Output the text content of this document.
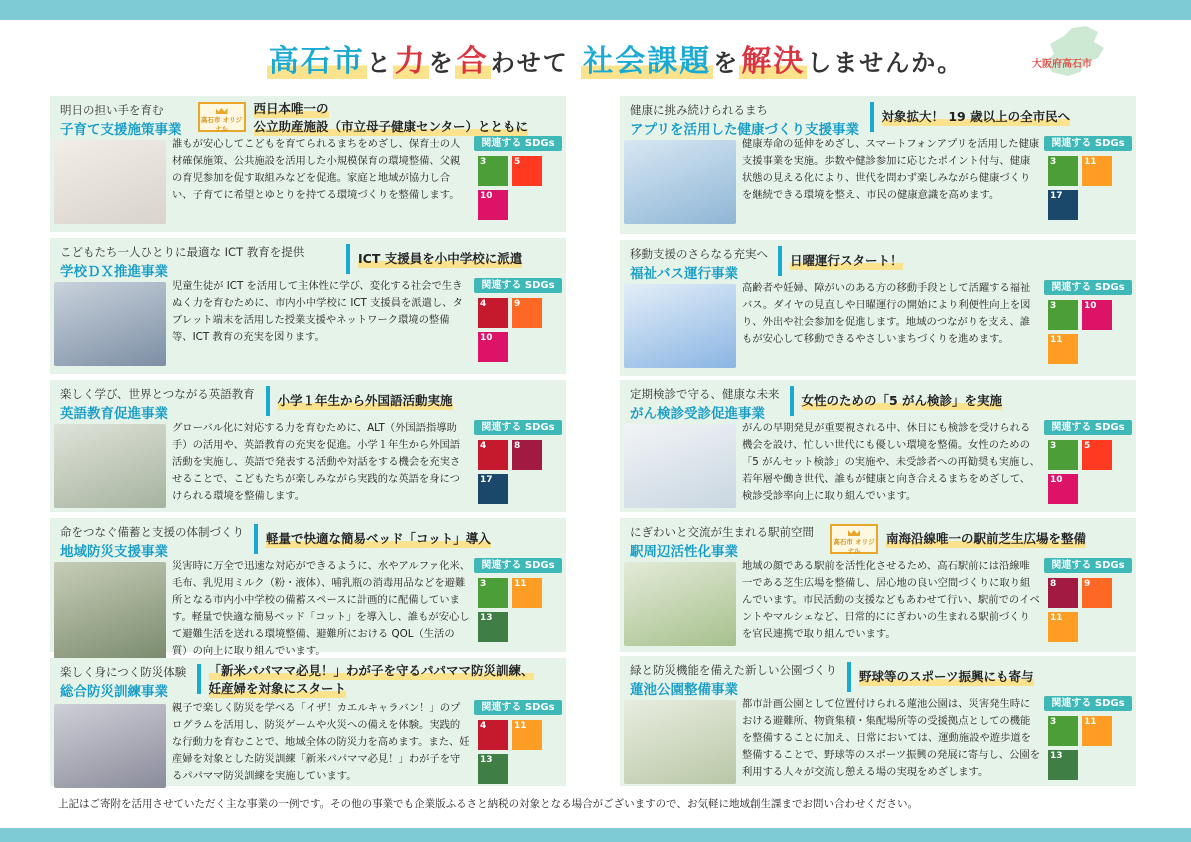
高石市と力を合わせて 社会課題を解決しませんか。	大阪府高石市
明日の担い手を育む
子育て支援施策事業
高石市 オリジナル
西日本唯一の
公立助産施設（市立母子健康センター）とともに
誰もが安心してこどもを育てられるまちをめざし、保育士の人材確保施策、公共施設を活用した小規模保育の環境整備、父親の育児参加を促す取組みなどを促進。家庭と地域が協力し合い、子育てに希望とゆとりを持てる環境づくりを整備します。
関連する SDGs
3	5
10
こどもたち一人ひとりに最適な ICT 教育を提供
学校ＤＸ推進事業
ICT 支援員を小中学校に派遣
児童生徒が ICT を活用して主体性に学び、変化する社会で生きぬく力を育むために、市内小中学校に ICT 支援員を派遣し、タブレット端末を活用した授業支援やネットワーク環境の整備等、ICT 教育の充実を図ります。
関連する SDGs
4	9
10
楽しく学び、世界とつながる英語教育
英語教育促進事業
小学１年生から外国語活動実施
グローバル化に対応する力を育むために、ALT（外国語指導助手）の活用や、英語教育の充実を促進。小学１年生から外国語活動を実施し、英語で発表する活動や対話をする機会を充実させることで、こどもたちが楽しみながら実践的な英語を身につけられる環境を整備します。
関連する SDGs
4	8
17
命をつなぐ備蓄と支援の体制づくり
地域防災支援事業
軽量で快適な簡易ベッド「コット」導入
災害時に万全で迅速な対応ができるように、水やアルファ化米、毛布、乳児用ミルク（粉・液体）、哺乳瓶の消毒用品などを避難所となる市内小中学校の備蓄スペースに計画的に配備しています。軽量で快適な簡易ベッド「コット」を導入し、誰もが安心して避難生活を送れる環境整備、避難所における QOL（生活の質）の向上に取り組んでいます。
関連する SDGs
3	11
13
楽しく身につく防災体験
総合防災訓練事業
「新米パパママ必見！」わが子を守るパパママ防災訓練、
妊産婦を対象にスタート
親子で楽しく防災を学べる「イザ！カエルキャラバン！」のプログラムを活用し、防災ゲームや火災への備えを体験。実践的な行動力を育むことで、地域全体の防災力を高めます。また、妊産婦を対象とした防災訓練「新米パパママ必見！」わが子を守るパパママ防災訓練を実施しています。
関連する SDGs
4	11
13
健康に挑み続けられるまち
アプリを活用した健康づくり支援事業
対象拡大！ 19 歳以上の全市民へ
健康寿命の延伸をめざし、スマートフォンアプリを活用した健康支援事業を実施。歩数や健診参加に応じたポイント付与、健康状態の見える化により、世代を問わず楽しみながら健康づくりを継続できる環境を整え、市民の健康意識を高めます。
関連する SDGs
3	11
17
移動支援のさらなる充実へ
福祉バス運行事業
日曜運行スタート！
高齢者や妊婦、障がいのある方の移動手段として活躍する福祉バス。ダイヤの見直しや日曜運行の開始により利便性向上を図り、外出や社会参加を促進します。地域のつながりを支え、誰もが安心して移動できるやさしいまちづくりを進めます。
関連する SDGs
3	10
11
定期検診で守る、健康な未来
がん検診受診促進事業
女性のための「5 がん検診」を実施
がんの早期発見が重要視される中、休日にも検診を受けられる機会を設け、忙しい世代にも優しい環境を整備。女性のための「5 がんセット検診」の実施や、未受診者への再勧奨も実施し、若年層や働き世代、誰もが健康と向き合えるまちをめざして、検診受診率向上に取り組んでいます。
関連する SDGs
3	5
10
にぎわいと交流が生まれる駅前空間
駅周辺活性化事業
高石市 オリジナル
南海沿線唯一の駅前芝生広場を整備
地域の顔である駅前を活性化させるため、高石駅前には沿線唯一である芝生広場を整備し、居心地の良い空間づくりに取り組んでいます。市民活動の支援などもあわせて行い、駅前でのイベントやマルシェなど、日常的ににぎわいの生まれる駅前づくりを官民連携で取り組んでいます。
関連する SDGs
8	9
11
緑と防災機能を備えた新しい公園づくり
蓮池公園整備事業
野球等のスポーツ振興にも寄与
都市計画公園として位置付けられる蓮池公園は、災害発生時における避難所、物資集積・集配場所等の受援拠点としての機能を整備することに加え、日常においては、運動施設や遊歩道を整備することで、野球等のスポーツ振興の発展に寄与し、公園を利用する人々が交流し憩える場の実現をめざします。
関連する SDGs
3	11
13
上記はご寄附を活用させていただく主な事業の一例です。その他の事業でも企業版ふるさと納税の対象となる場合がございますので、お気軽に地域創生課までお問い合わせください。
